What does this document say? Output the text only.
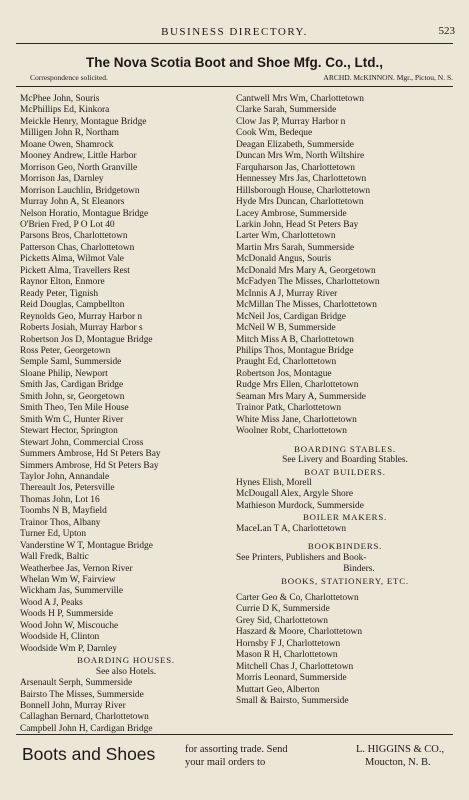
BUSINESS DIRECTORY.	523
The Nova Scotia Boot and Shoe Mfg. Co., Ltd.,
Correspondence solicited.	ARCHD. McKINNON. Mgr., Pictou, N. S.
McPhee John, Souris
McPhillips Ed, Kinkora
Meickle Henry, Montague Bridge
Milligen John R, Northam
Moane Owen, Shamrock
Mooney Andrew, Little Harbor
Morrison Geo, North Granville
Morrison Jas, Darnley
Morrison Lauchlin, Bridgetown
Murray John A, St Eleanors
Nelson Horatio, Montague Bridge
O'Brien Fred, P O Lot 40
Parsons Bros, Charlottetown
Patterson Chas, Charlottetown
Picketts Alma, Wilmot Vale
Pickett Alma, Travellers Rest
Raynor Elton, Enmore
Ready Peter, Tignish
Reid Douglas, Campbellton
Reynolds Geo, Murray Harbor n
Roberts Josiah, Murray Harbor s
Robertson Jos D, Montague Bridge
Ross Peter, Georgetown
Semple Saml, Summerside
Sloane Philip, Newport
Smith Jas, Cardigan Bridge
Smith John, sr, Georgetown
Smith Theo, Ten Mile House
Smith Wm C, Hunter River
Stewart Hector, Springton
Stewart John, Commercial Cross
Summers Ambrose, Hd St Peters Bay
Simmers Ambrose, Hd St Peters Bay
Taylor John, Annandale
Thereault Jos, Petersville
Thomas John, Lot 16
Toombs N B, Mayfield
Trainor Thos, Albany
Turner Ed, Upton
Vanderstine W T, Montague Bridge
Wall Fredk, Baltic
Weatherbee Jas, Vernon River
Whelan Wm W, Fairview
Wickham Jas, Summerville
Wood A J, Peaks
Woods H P, Summerside
Wood John W, Miscouche
Woodside H, Clinton
Woodside Wm P, Darnley
BOARDING HOUSES.
See also Hotels.
Arsenault Serph, Summerside
Bairsto The Misses, Summerside
Bonnell John, Murray River
Callaghan Bernard, Charlottetown
Campbell John H, Cardigan Bridge
Cantwell Mrs Wm, Charlottetown
Clarke Sarah, Summerside
Clow Jas P, Murray Harbor n
Cook Wm, Bedeque
Deagan Elizabeth, Summerside
Duncan Mrs Wm, North Wiltshire
Farquharson Jas, Charlottetown
Hennessey Mrs Jas, Charlottetown
Hillsborough House, Charlottetown
Hyde Mrs Duncan, Charlottetown
Lacey Ambrose, Summerside
Larkin John, Head St Peters Bay
Larter Wm, Charlottetown
Martin Mrs Sarah, Summerside
McDonald Angus, Souris
McDonald Mrs Mary A, Georgetown
McFadyen The Misses, Charlottetown
McInnis A J, Murray River
McMillan The Misses, Charlottetown
McNeil Jos, Cardigan Bridge
McNeil W B, Summerside
Mitch Miss A B, Charlottetown
Philips Thos, Montague Bridge
Praught Ed, Charlottetown
Robertson Jos, Montague
Rudge Mrs Ellen, Charlottetown
Seaman Mrs Mary A, Summerside
Trainor Patk, Charlottetown
White Miss Jane, Charlottetown
Woolner Robt, Charlottetown
BOARDING STABLES.
See Livery and Boarding Stables.
BOAT BUILDERS.
Hynes Elish, Morell
McDougall Alex, Argyle Shore
Mathieson Murdock, Summerside
BOILER MAKERS.
MaceLan T A, Charlottetown
BOOKBINDERS.
See Printers, Publishers and Book-
Binders.
BOOKS, STATIONERY, ETC.
Carter Geo & Co, Charlottetown
Currie D K, Summerside
Grey Sid, Charlottetown
Haszard & Moore, Charlottetown
Hornsby F J, Charlottetown
Mason R H, Charlottetown
Mitchell Chas J, Charlottetown
Morris Leonard, Summerside
Muttart Geo, Alberton
Small & Bairsto, Summerside
Boots and Shoes	for assorting trade. Send
your mail orders to
L. HIGGINS & CO.,
Moucton, N. B.
